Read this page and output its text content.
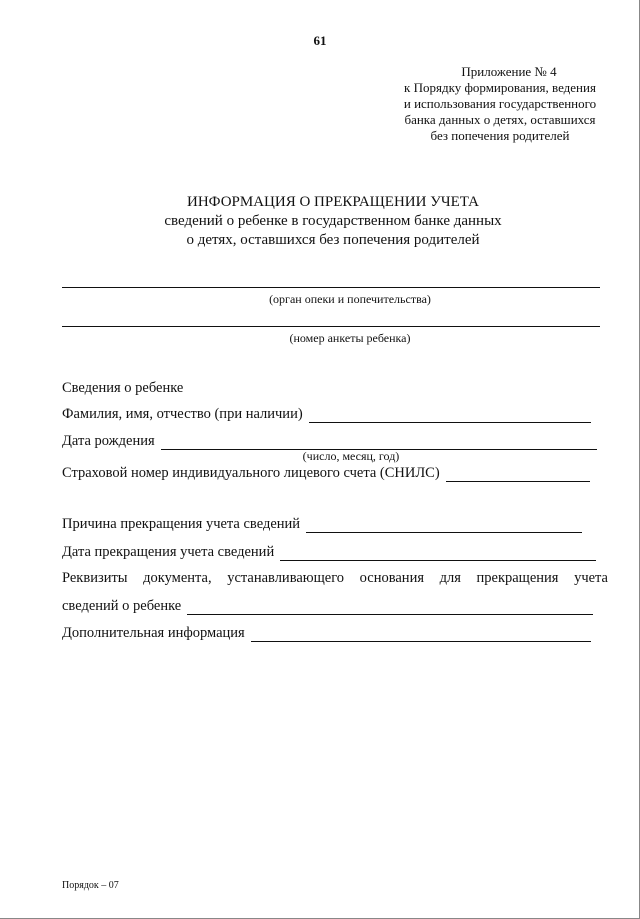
61
Приложение № 4
к Порядку формирования, ведения
и использования государственного
банка данных о детях, оставшихся
без попечения родителей
ИНФОРМАЦИЯ О ПРЕКРАЩЕНИИ УЧЕТА
сведений о ребенке в государственном банке данных
о детях, оставшихся без попечения родителей
(орган опеки и попечительства)
(номер анкеты ребенка)
Сведения о ребенке
Фамилия, имя, отчество (при наличии)
Дата рождения
(число, месяц, год)
Страховой номер индивидуального лицевого счета (СНИЛС)
Причина прекращения учета сведений
Дата прекращения учета сведений
Реквизиты документа, устанавливающего основания для прекращения учета
сведений о ребенке
Дополнительная информация
Порядок – 07
